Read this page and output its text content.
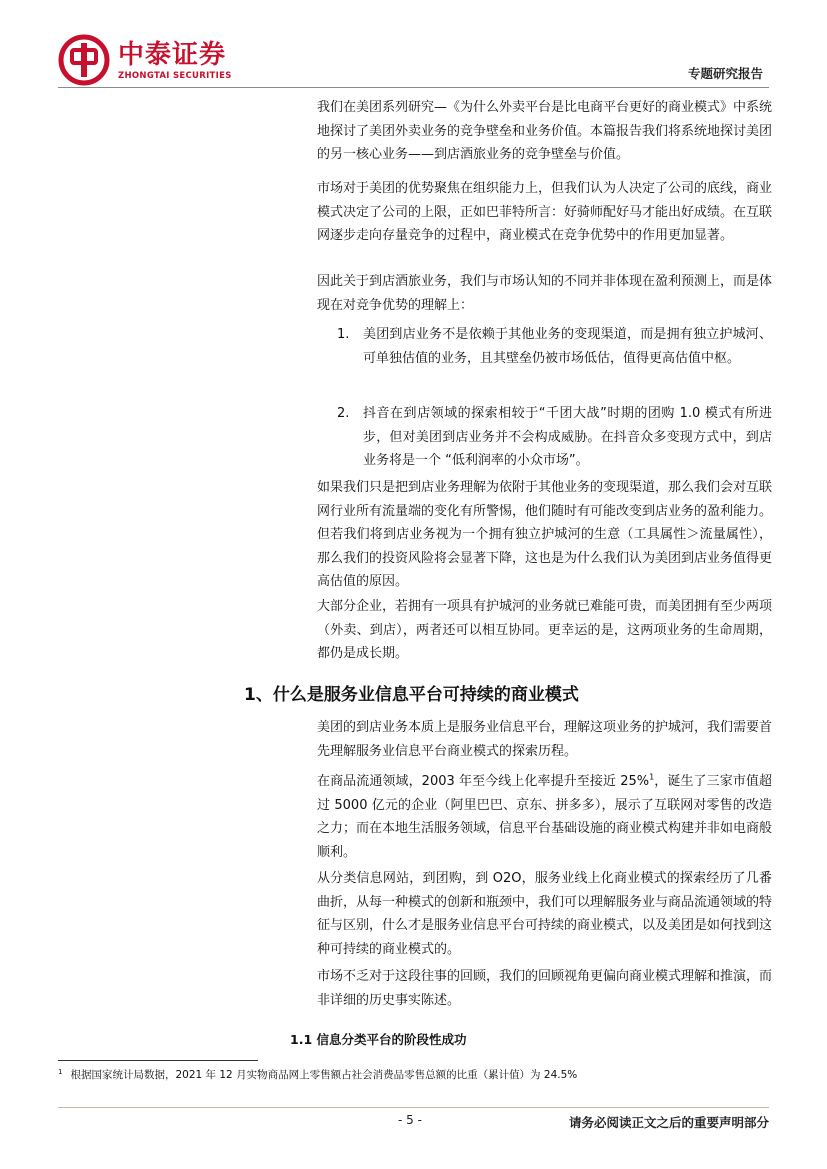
中泰证券
ZHONGTAI SECURITIES	专题研究报告

我们在美团系列研究—《为什么外卖平台是比电商平台更好的商业模式》中系统地探讨了美团外卖业务的竞争壁垒和业务价值。本篇报告我们将系统地探讨美团的另一核心业务——到店酒旅业务的竞争壁垒与价值。

市场对于美团的优势聚焦在组织能力上，但我们认为人决定了公司的底线，商业模式决定了公司的上限，正如巴菲特所言：好骑师配好马才能出好成绩。在互联网逐步走向存量竞争的过程中，商业模式在竞争优势中的作用更加显著。

因此关于到店酒旅业务，我们与市场认知的不同并非体现在盈利预测上，而是体现在对竞争优势的理解上：

1. 美团到店业务不是依赖于其他业务的变现渠道，而是拥有独立护城河、可单独估值的业务，且其壁垒仍被市场低估，值得更高估值中枢。
2. 抖音在到店领域的探索相较于“千团大战”时期的团购 1.0 模式有所进步，但对美团到店业务并不会构成威胁。在抖音众多变现方式中，到店业务将是一个 “低利润率的小众市场”。

如果我们只是把到店业务理解为依附于其他业务的变现渠道，那么我们会对互联网行业所有流量端的变化有所警惕，他们随时有可能改变到店业务的盈利能力。但若我们将到店业务视为一个拥有独立护城河的生意（工具属性＞流量属性），那么我们的投资风险将会显著下降，这也是为什么我们认为美团到店业务值得更高估值的原因。

大部分企业，若拥有一项具有护城河的业务就已难能可贵，而美团拥有至少两项（外卖、到店），两者还可以相互协同。更幸运的是，这两项业务的生命周期，都仍是成长期。

1、什么是服务业信息平台可持续的商业模式

美团的到店业务本质上是服务业信息平台，理解这项业务的护城河，我们需要首先理解服务业信息平台商业模式的探索历程。

在商品流通领域，2003 年至今线上化率提升至接近 25%$^1$，诞生了三家市值超过 5000 亿元的企业（阿里巴巴、京东、拼多多），展示了互联网对零售的改造之力；而在本地生活服务领域，信息平台基础设施的商业模式构建并非如电商般顺利。

从分类信息网站，到团购，到 O2O，服务业线上化商业模式的探索经历了几番曲折，从每一种模式的创新和瓶颈中，我们可以理解服务业与商品流通领域的特征与区别，什么才是服务业信息平台可持续的商业模式，以及美团是如何找到这种可持续的商业模式的。

市场不乏对于这段往事的回顾，我们的回顾视角更偏向商业模式理解和推演，而非详细的历史事实陈述。

1.1 信息分类平台的阶段性成功
$^1$ 根据国家统计局数据，2021 年 12 月实物商品网上零售额占社会消费品零售总额的比重（累计值）为 24.5%
- 5 -	请务必阅读正文之后的重要声明部分
